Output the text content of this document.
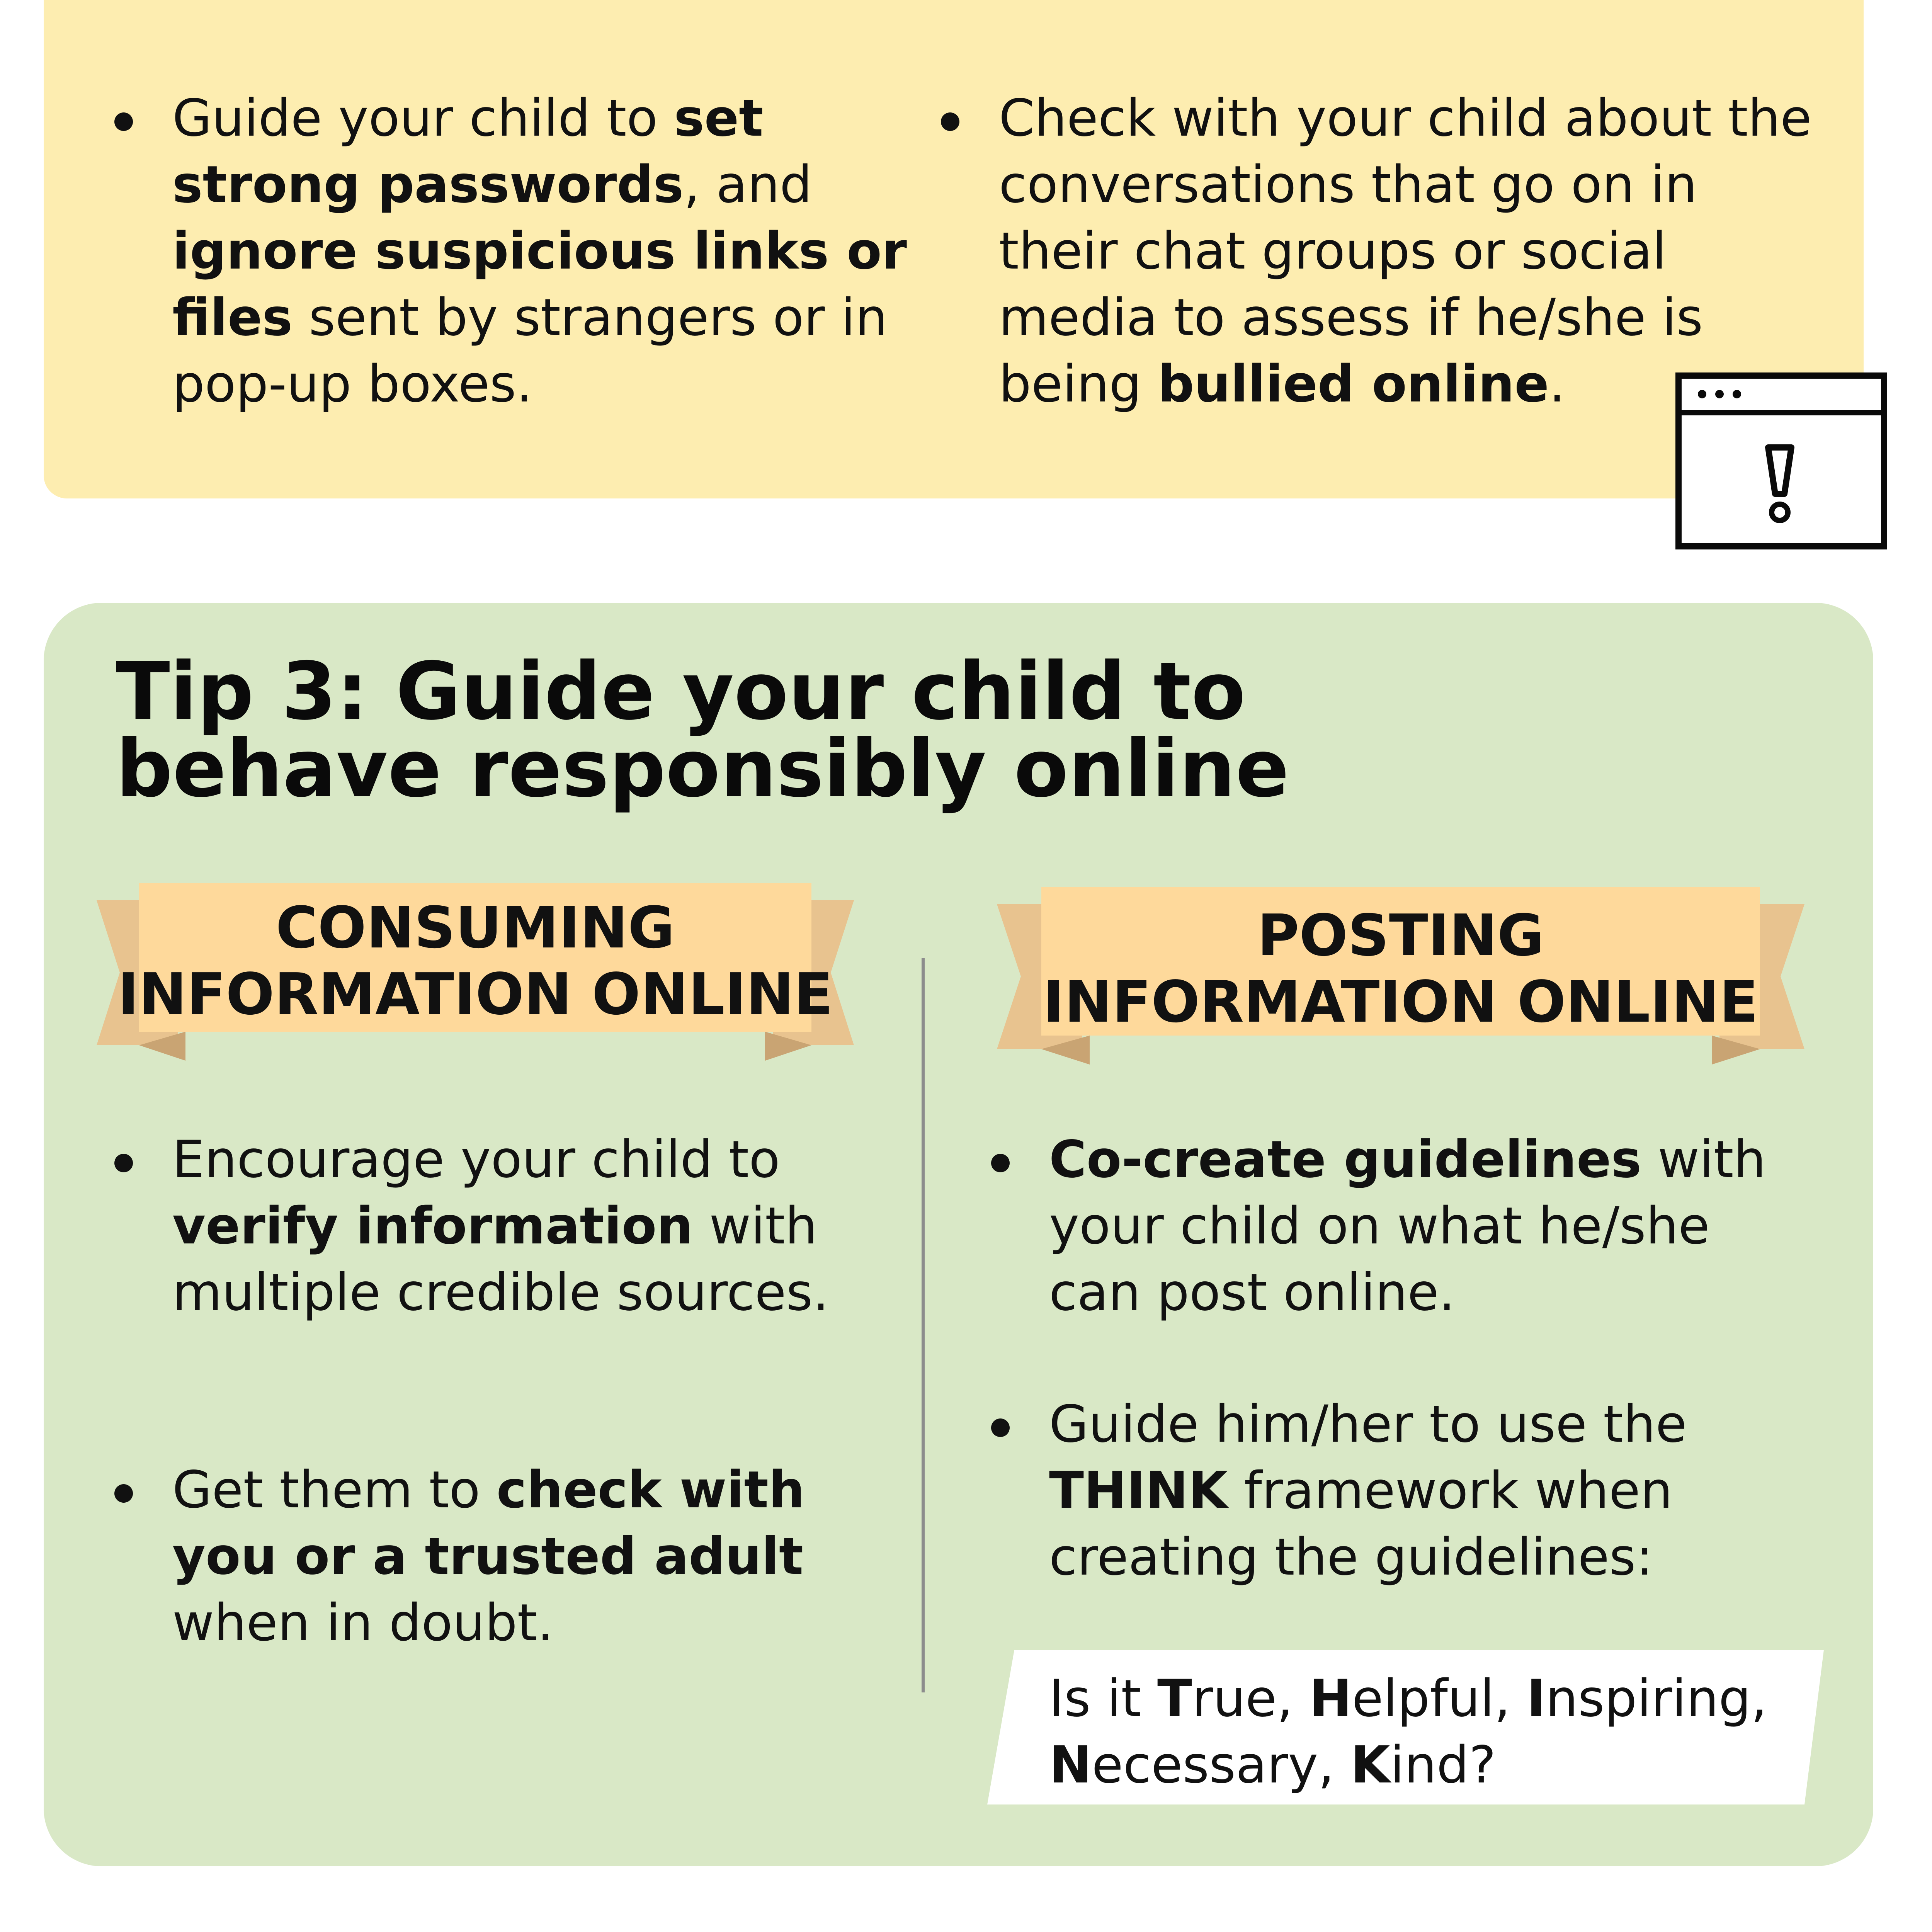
Guide your child to set strong passwords, and ignore suspicious links or files sent by strangers or in pop-up boxes.
Check with your child about the conversations that go on in their chat groups or social media to assess if he/she is being bullied online.
Tip 3: Guide your child to behave responsibly online
CONSUMING
INFORMATION ONLINE
POSTING
INFORMATION ONLINE
Encourage your child to verify information with multiple credible sources.
Get them to check with you or a trusted adult when in doubt.
Co-create guidelines with your child on what he/she can post online.
Guide him/her to use the THINK framework when creating the guidelines:
Is it True, Helpful, Inspiring, Necessary, Kind?
